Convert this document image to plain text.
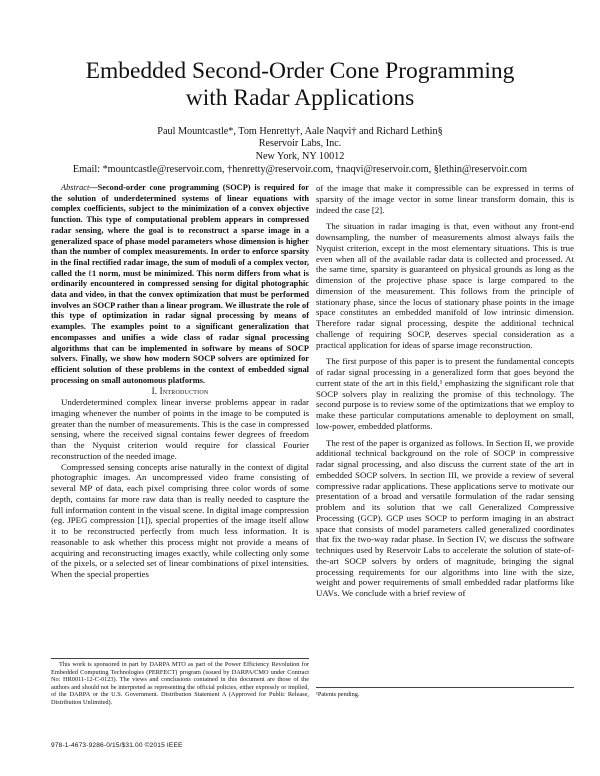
Embedded Second-Order Cone Programming
with Radar Applications
Paul Mountcastle*, Tom Henretty†, Aale Naqvi† and Richard Lethin§
Reservoir Labs, Inc.
New York, NY 10012
Email: *mountcastle@reservoir.com, †henretty@reservoir.com, †naqvi@reservoir.com, §lethin@reservoir.com

Abstract—Second-order cone programming (SOCP) is required for the solution of underdetermined systems of linear equations with complex coefficients, subject to the minimization of a convex objective function. This type of computational problem appears in compressed radar sensing, where the goal is to reconstruct a sparse image in a generalized space of phase model parameters whose dimension is higher than the number of complex measurements. In order to enforce sparsity in the final rectified radar image, the sum of moduli of a complex vector, called the ℓ1 norm, must be minimized. This norm differs from what is ordinarily encountered in compressed sensing for digital photographic data and video, in that the convex optimization that must be performed involves an SOCP rather than a linear program. We illustrate the role of this type of optimization in radar signal processing by means of examples. The examples point to a significant generalization that encompasses and unifies a wide class of radar signal processing algorithms that can be implemented in software by means of SOCP solvers. Finally, we show how modern SOCP solvers are optimized for efficient solution of these problems in the context of embedded signal processing on small autonomous platforms.

I. Introduction

Underdetermined complex linear inverse problems appear in radar imaging whenever the number of points in the image to be computed is greater than the number of measurements. This is the case in compressed sensing, where the received signal contains fewer degrees of freedom than the Nyquist criterion would require for classical Fourier reconstruction of the needed image.

Compressed sensing concepts arise naturally in the context of digital photographic images. An uncompressed video frame consisting of several MP of data, each pixel comprising three color words of some depth, contains far more raw data than is really needed to caspture the full information content in the visual scene. In digital image compression (eg. JPEG compression [1]), special properties of the image itself allow it to be reconstructed perfectly from much less information. It is reasonable to ask whether this process might not provide a means of acquiring and reconstructing images exactly, while collecting only some of the pixels, or a selected set of linear combinations of pixel intensities. When the special properties

of the image that make it compressible can be expressed in terms of sparsity of the image vector in some linear transform domain, this is indeed the case [2].

The situation in radar imaging is that, even without any front-end downsampling, the number of measurements almost always fails the Nyquist criterion, except in the most elementary situations. This is true even when all of the available radar data is collected and processed. At the same time, sparsity is guaranteed on physical grounds as long as the dimension of the projective phase space is large compared to the dimension of the measurement. This follows from the principle of stationary phase, since the locus of stationary phase points in the image space constitutes an embedded manifold of low intrinsic dimension. Therefore radar signal processing, despite the additional technical challenge of requiring SOCP, deserves special consideration as a practical application for ideas of sparse image reconstruction.

The first purpose of this paper is to present the fundamental concepts of radar signal processing in a generalized form that goes beyond the current state of the art in this field,¹ emphasizing the significant role that SOCP solvers play in realizing the promise of this technology. The second purpose is to review some of the optimizations that we employ to make these particular computations amenable to deployment on small, low-power, embedded platforms.

The rest of the paper is organized as follows. In Section II, we provide additional technical background on the role of SOCP in compressive radar signal processing, and also discuss the current state of the art in embedded SOCP solvers. In section III, we provide a review of several compressive radar applications. These applications serve to motivate our presentation of a broad and versatile formulation of the radar sensing problem and its solution that we call Generalized Compressive Processing (GCP). GCP uses SOCP to perform imaging in an abstract space that consists of model parameters called generalized coordinates that fix the two-way radar phase. In Section IV, we discuss the software techniques used by Reservoir Labs to accelerate the solution of state-of-the-art SOCP solvers by orders of magnitude, bringing the signal processing requirements for our algorithms into line with the size, weight and power requirements of small embedded radar platforms like UAVs. We conclude with a brief review of

This work is sponsored in part by DARPA MTO as part of the Power Efficiency Revolution for Embedded Computing Technologies (PERFECT) program (issued by DARPA/CMO under Contract No: HR0011-12-C-0123). The views and conclusions contained in this document are those of the authors and should not be interpreted as representing the official policies, either expressly or implied, of the DARPA or the U.S. Government. Distribution Statement A (Approved for Public Release, Distribution Unlimited).
¹Patents pending.
978-1-4673-9286-0/15/$31.00 ©2015 IEEE
